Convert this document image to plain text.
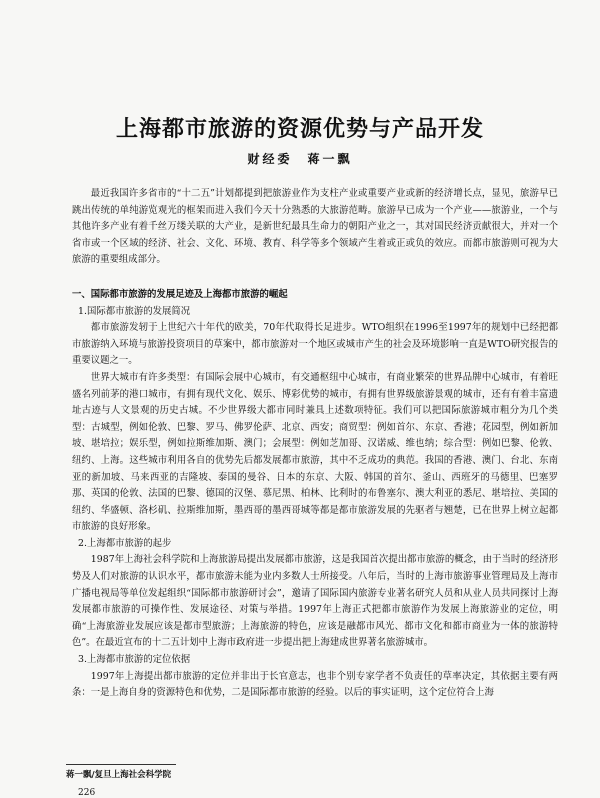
上海都市旅游的资源优势与产品开发
财经委　蒋一飘

最近我国许多省市的“十二五”计划都提到把旅游业作为支柱产业或重要产业或新的经济增长点，显见，旅游早已跳出传统的单纯游览观光的框架而进入我们今天十分熟悉的大旅游范畴。旅游早已成为一个产业——旅游业，一个与其他许多产业有着千丝万缕关联的大产业，是新世纪最具生命力的朝阳产业之一，其对国民经济贡献很大，并对一个省市或一个区域的经济、社会、文化、环境、教育、科学等多个领域产生着或正或负的效应。而都市旅游则可视为大旅游的重要组成部分。

一、国际都市旅游的发展足迹及上海都市旅游的崛起
1.国际都市旅游的发展简况

都市旅游发轫于上世纪六十年代的欧美，70年代取得长足进步。WTO组织在1996至1997年的规划中已经把都市旅游纳入环境与旅游投资项目的草案中，都市旅游对一个地区或城市产生的社会及环境影响一直是WTO研究报告的重要议题之一。

世界大城市有许多类型：有国际会展中心城市，有交通枢纽中心城市，有商业繁荣的世界品牌中心城市，有着旺盛名列前茅的港口城市，有拥有现代文化、娱乐、博彩优势的城市，有拥有世界级旅游景观的城市，还有有着丰富遗址古迹与人文景观的历史古城。不少世界级大都市同时兼具上述数项特征。我们可以把国际旅游城市粗分为几个类型：古城型，例如伦敦、巴黎、罗马、佛罗伦萨、北京、西安；商贸型：例如首尔、东京、香港；花园型，例如新加坡、堪培拉；娱乐型，例如拉斯维加斯、澳门；会展型：例如芝加哥、汉诺威、维也纳；综合型：例如巴黎、伦敦、纽约、上海。这些城市利用各自的优势先后都发展都市旅游，其中不乏成功的典范。我国的香港、澳门、台北、东南亚的新加坡、马来西亚的吉隆坡、泰国的曼谷、日本的东京、大阪、韩国的首尔、釜山、西班牙的马德里、巴塞罗那、英国的伦敦、法国的巴黎、德国的汉堡、慕尼黑、柏林、比利时的布鲁塞尔、澳大利亚的悉尼、堪培拉、美国的纽约、华盛顿、洛杉矶、拉斯维加斯，墨西哥的墨西哥城等都是都市旅游发展的先驱者与翘楚，已在世界上树立起都市旅游的良好形象。

2.上海都市旅游的起步

1987年上海社会科学院和上海旅游局提出发展都市旅游，这是我国首次提出都市旅游的概念，由于当时的经济形势及人们对旅游的认识水平，都市旅游未能为业内多数人士所接受。八年后，当时的上海市旅游事业管理局及上海市广播电视局等单位发起组织“国际都市旅游研讨会”，邀请了国际国内旅游专业著名研究人员和从业人员共同探讨上海发展都市旅游的可操作性、发展途径、对策与举措。1997年上海正式把都市旅游作为发展上海旅游业的定位，明确“上海旅游业发展应该是都市型旅游；上海旅游的特色，应该是融都市风光、都市文化和都市商业为一体的旅游特色”。在最近宣布的十二五计划中上海市政府进一步提出把上海建成世界著名旅游城市。

3.上海都市旅游的定位依据

1997年上海提出都市旅游的定位并非出于长官意志，也非个别专家学者不负责任的草率决定，其依据主要有两条：一是上海自身的资源特色和优势，二是国际都市旅游的经验。以后的事实证明，这个定位符合上海

蒋一飘/复旦上海社会科学院
226
